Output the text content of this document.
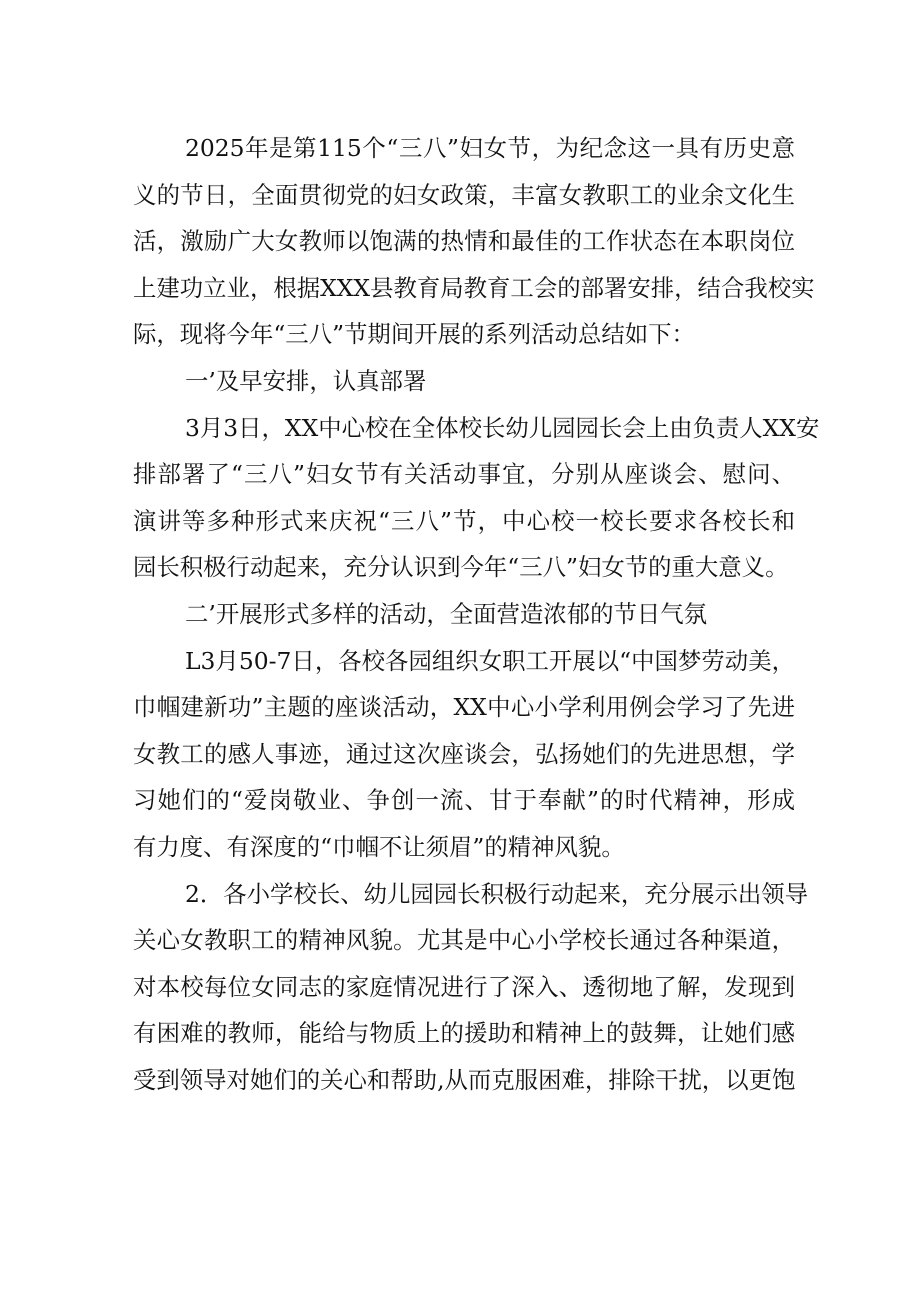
2025年是第115个“三八”妇女节，为纪念这一具有历史意
义的节日，全面贯彻党的妇女政策，丰富女教职工的业余文化生
活，激励广大女教师以饱满的热情和最佳的工作状态在本职岗位
上建功立业，根据XXX县教育局教育工会的部署安排，结合我校实
际，现将今年“三八”节期间开展的系列活动总结如下：
一’及早安排，认真部署
3月3日，XX中心校在全体校长幼儿园园长会上由负责人XX安
排部署了“三八”妇女节有关活动事宜，分别从座谈会、慰问、
演讲等多种形式来庆祝“三八”节，中心校一校长要求各校长和
园长积极行动起来，充分认识到今年“三八”妇女节的重大意义。
二’开展形式多样的活动，全面营造浓郁的节日气氛
L3月50-7日，各校各园组织女职工开展以“中国梦劳动美，
巾帼建新功”主题的座谈活动，XX中心小学利用例会学习了先进
女教工的感人事迹，通过这次座谈会，弘扬她们的先进思想，学
习她们的“爱岗敬业、争创一流、甘于奉献”的时代精神，形成
有力度、有深度的“巾帼不让须眉”的精神风貌。
2．各小学校长、幼儿园园长积极行动起来，充分展示出领导
关心女教职工的精神风貌。尤其是中心小学校长通过各种渠道，
对本校每位女同志的家庭情况进行了深入、透彻地了解，发现到
有困难的教师，能给与物质上的援助和精神上的鼓舞，让她们感
受到领导对她们的关心和帮助,从而克服困难，排除干扰，以更饱
